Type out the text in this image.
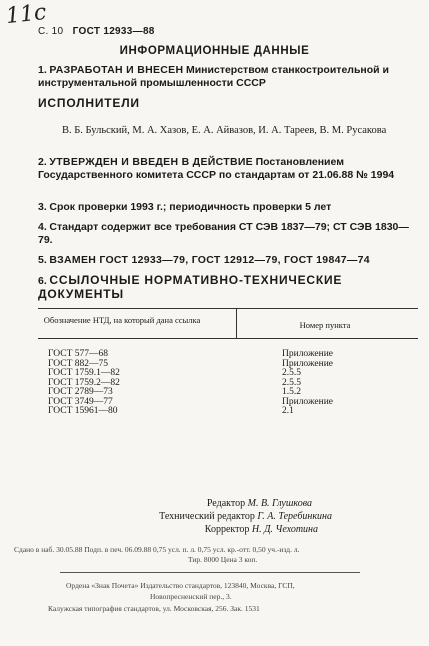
11c
С. 10 ГОСТ 12933—88
ИНФОРМАЦИОННЫЕ ДАННЫЕ
1. РАЗРАБОТАН И ВНЕСЕН Министерством станкостроительной и инструментальной промышленности СССР
ИСПОЛНИТЕЛИ
В. Б. Бульский, М. А. Хазов, Е. А. Айвазов, И. А. Тареев, В. М. Русакова
2. УТВЕРЖДЕН И ВВЕДЕН В ДЕЙСТВИЕ Постановлением Государственного комитета СССР по стандартам от 21.06.88 № 1994
3. Срок проверки 1993 г.; периодичность проверки 5 лет
4. Стандарт содержит все требования СТ СЭВ 1837—79; СТ СЭВ 1830—79.
5. ВЗАМЕН ГОСТ 12933—79, ГОСТ 12912—79, ГОСТ 19847—74
6. ССЫЛОЧНЫЕ НОРМАТИВНО-ТЕХНИЧЕСКИЕ ДОКУМЕНТЫ
Обозначение НТД, на который дана ссылка	Номер пункта
ГОСТ 577—68
ГОСТ 882—75
ГОСТ 1759.1—82
ГОСТ 1759.2—82
ГОСТ 2789—73
ГОСТ 3749—77
ГОСТ 15961—80
Приложение
Приложение
2.5.5
2.5.5
1.5.2
Приложение
2.1
Редактор М. В. Глушкова
Технический редактор Г. А. Теребинкина
Корректор Н. Д. Чехотина
Сдано в наб. 30.05.88 Подп. в печ. 06.09.88 0,75 усл. п. л. 0,75 усл. кр.-отт. 0,50 уч.-изд. л.
Тир. 8000 Цена 3 коп.
Ордена «Знак Почета» Издательство стандартов, 123840, Москва, ГСП,
Новопресненский пер., 3.
Калужская типография стандартов, ул. Московская, 256. Зак. 1531
